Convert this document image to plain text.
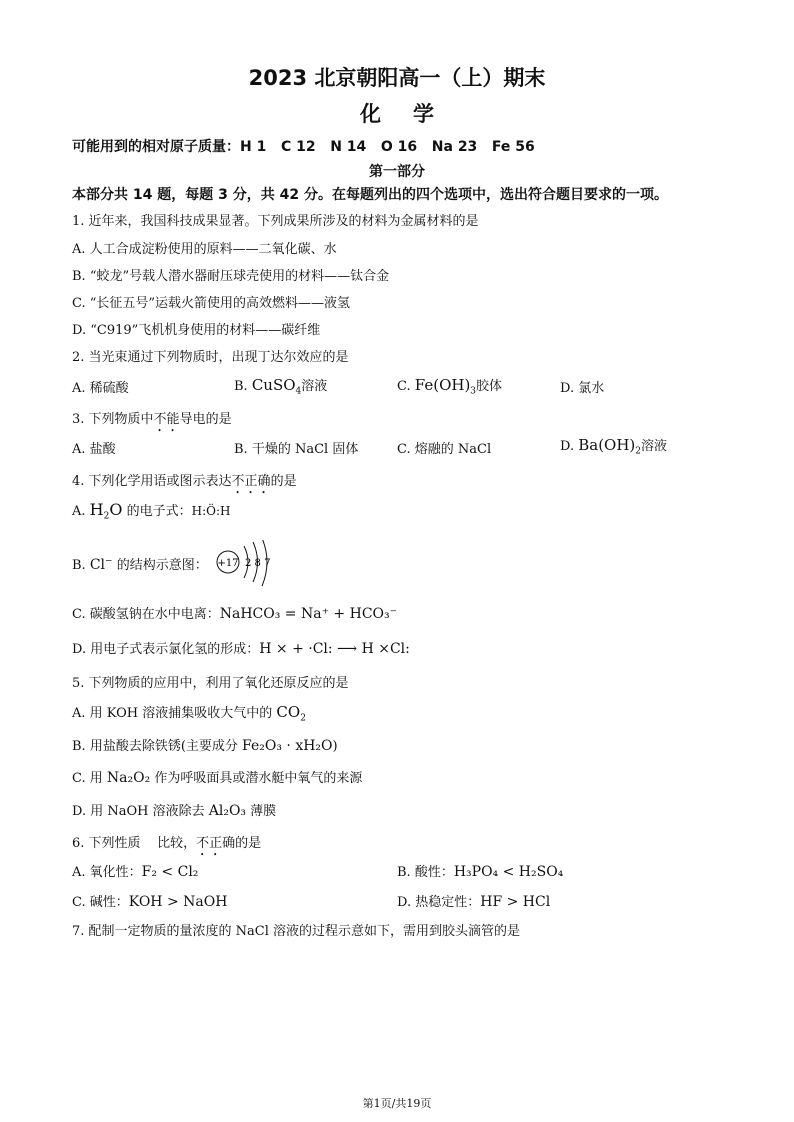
2023 北京朝阳高一（上）期末
化学
可能用到的相对原子质量：H 1   C 12   N 14   O 16   Na 23   Fe 56
第一部分
本部分共 14 题，每题 3 分，共 42 分。在每题列出的四个选项中，选出符合题目要求的一项。
1. 近年来，我国科技成果显著。下列成果所涉及的材料为金属材料的是
A. 人工合成淀粉使用的原料——二氧化碳、水
B. “蛟龙”号载人潜水器耐压球壳使用的材料——钛合金
C. “长征五号”运载火箭使用的高效燃料——液氢
D. “C919”飞机机身使用的材料——碳纤维
2. 当光束通过下列物质时，出现丁达尔效应的是
A. 稀硫酸	B. CuSO$_4$溶液	C. $Fe(OH)_3$胶体	D. 氯水
3. 下列物质中不能导电的是
A. 盐酸	B. 干燥的 NaCl 固体	C. 熔融的 NaCl	D. $Ba(OH)_2$溶液
4. 下列化学用语或图示表达不正确的是
A. $H_2O$ 的电子式：H:Ö:H
B. Cl− 的结构示意图： +17 2 8 7
C. 碳酸氢钠在水中电离：NaHCO₃ = Na⁺ + HCO₃⁻
D. 用电子式表示氯化氢的形成：H × + ·Cl: ⟶ H ×Cl:
5. 下列物质的应用中，利用了氧化还原反应的是
A. 用 KOH 溶液捕集吸收大气中的 $CO_2$
B. 用盐酸去除铁锈(主要成分 Fe₂O₃ · xH₂O)
C. 用 Na₂O₂ 作为呼吸面具或潜水艇中氧气的来源
D. 用 NaOH 溶液除去 Al₂O₃ 薄膜
6. 下列性质    比较，不正确的是
A. 氧化性：F₂ < Cl₂	B. 酸性：H₃PO₄ < H₂SO₄
C. 碱性：KOH > NaOH	D. 热稳定性：HF > HCl
7. 配制一定物质的量浓度的 NaCl 溶液的过程示意如下，需用到胶头滴管的是
第1页/共19页
